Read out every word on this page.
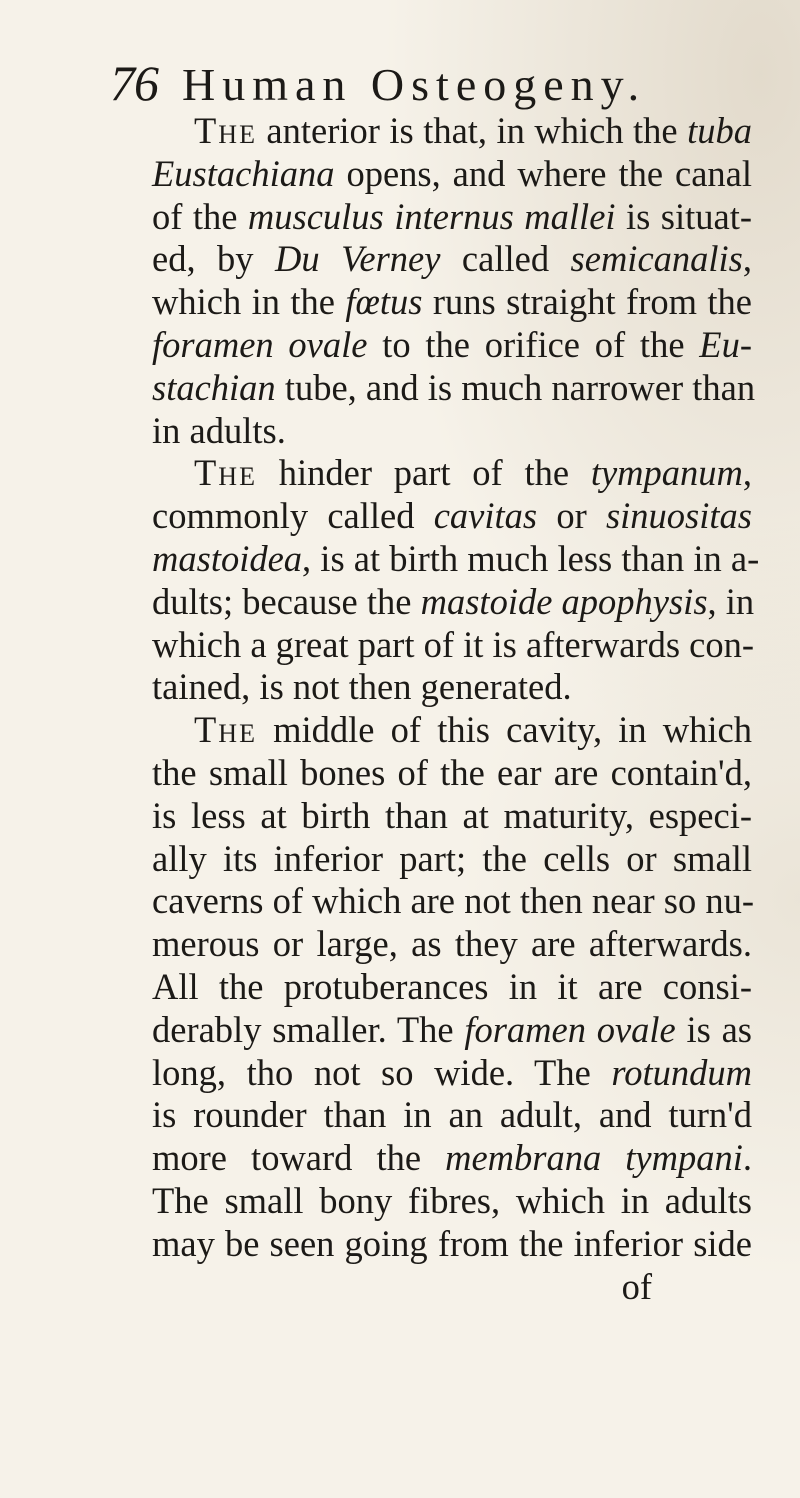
76 Human Osteogeny.
The anterior is that, in which the tuba
Eustachiana opens, and where the canal
of the musculus internus mallei is situat-
ed, by Du Verney called semicanalis,
which in the fœtus runs straight from the
foramen ovale to the orifice of the Eu-
stachian tube, and is much narrower than
in adults.
The hinder part of the tympanum,
commonly called cavitas or sinuositas
mastoidea, is at birth much less than in a-
dults; because the mastoide apophysis, in
which a great part of it is afterwards con-
tained, is not then generated.
The middle of this cavity, in which
the small bones of the ear are contain'd,
is less at birth than at maturity, especi-
ally its inferior part; the cells or small
caverns of which are not then near so nu-
merous or large, as they are afterwards.
All the protuberances in it are consi-
derably smaller. The foramen ovale is as
long, tho not so wide. The rotundum
is rounder than in an adult, and turn'd
more toward the membrana tympani.
The small bony fibres, which in adults
may be seen going from the inferior side
of
